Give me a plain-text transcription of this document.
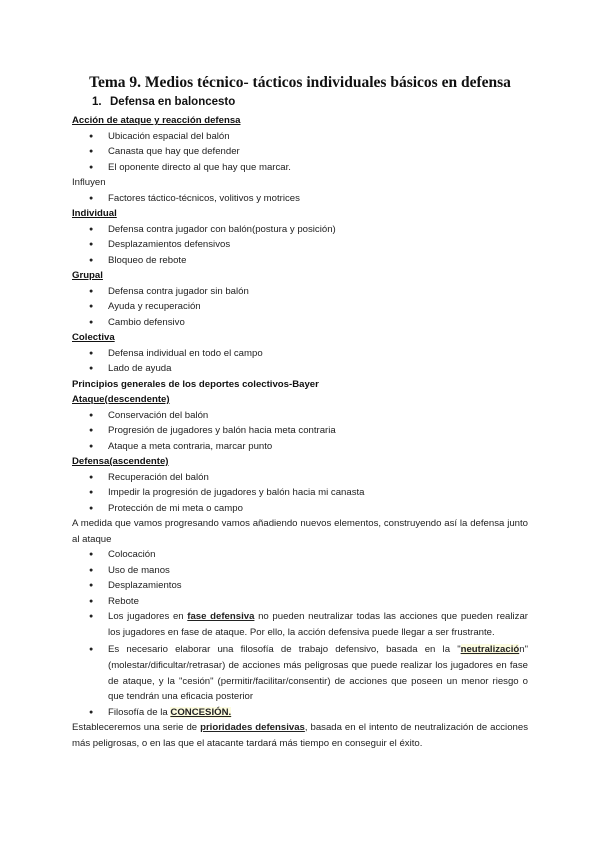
Tema 9. Medios técnico- tácticos individuales básicos en defensa
1. Defensa en baloncesto
Acción de ataque y reacción defensa
● Ubicación espacial del balón
● Canasta que hay que defender
● El oponente directo al que hay que marcar.
Influyen
● Factores táctico-técnicos, volitivos y motrices
Individual
● Defensa contra jugador con balón(postura y posición)
● Desplazamientos defensivos
● Bloqueo de rebote
Grupal
● Defensa contra jugador sin balón
● Ayuda y recuperación
● Cambio defensivo
Colectiva
● Defensa individual en todo el campo
● Lado de ayuda
Principios generales de los deportes colectivos-Bayer
Ataque(descendente)
● Conservación del balón
● Progresión de jugadores y balón hacia meta contraria
● Ataque a meta contraria, marcar punto
Defensa(ascendente)
● Recuperación del balón
● Impedir la progresión de jugadores y balón hacia mi canasta
● Protección de mi meta o campo
A medida que vamos progresando vamos añadiendo nuevos elementos, construyendo así la defensa junto al ataque
● Colocación
● Uso de manos
● Desplazamientos
● Rebote
● Los jugadores en fase defensiva no pueden neutralizar todas las acciones que pueden realizar los jugadores en fase de ataque. Por ello, la acción defensiva puede llegar a ser frustrante.
● Es necesario elaborar una filosofía de trabajo defensivo, basada en la "neutralización" (molestar/dificultar/retrasar) de acciones más peligrosas que puede realizar los jugadores en fase de ataque, y la "cesión" (permitir/facilitar/consentir) de acciones que poseen un menor riesgo o que tendrán una eficacia posterior
● Filosofía de la CONCESIÓN.
Estableceremos una serie de prioridades defensivas, basada en el intento de neutralización de acciones más peligrosas, o en las que el atacante tardará más tiempo en conseguir el éxito.
